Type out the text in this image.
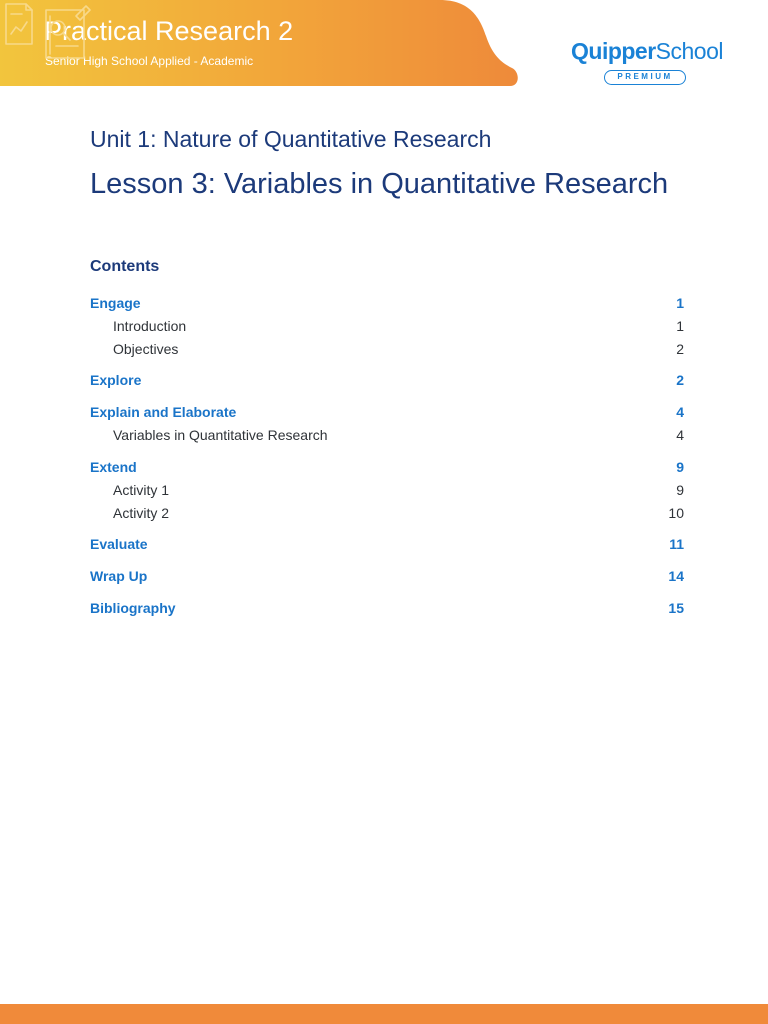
Practical Research 2

Senior High School Applied - Academic	QuipperSchool
PREMIUM
Unit 1: Nature of Quantitative Research
Lesson 3: Variables in Quantitative Research
Contents
Engage	1
Introduction	1
Objectives	2
Explore	2
Explain and Elaborate	4
Variables in Quantitative Research	4
Extend	9
Activity 1	9
Activity 2	10
Evaluate	11
Wrap Up	14
Bibliography	15
